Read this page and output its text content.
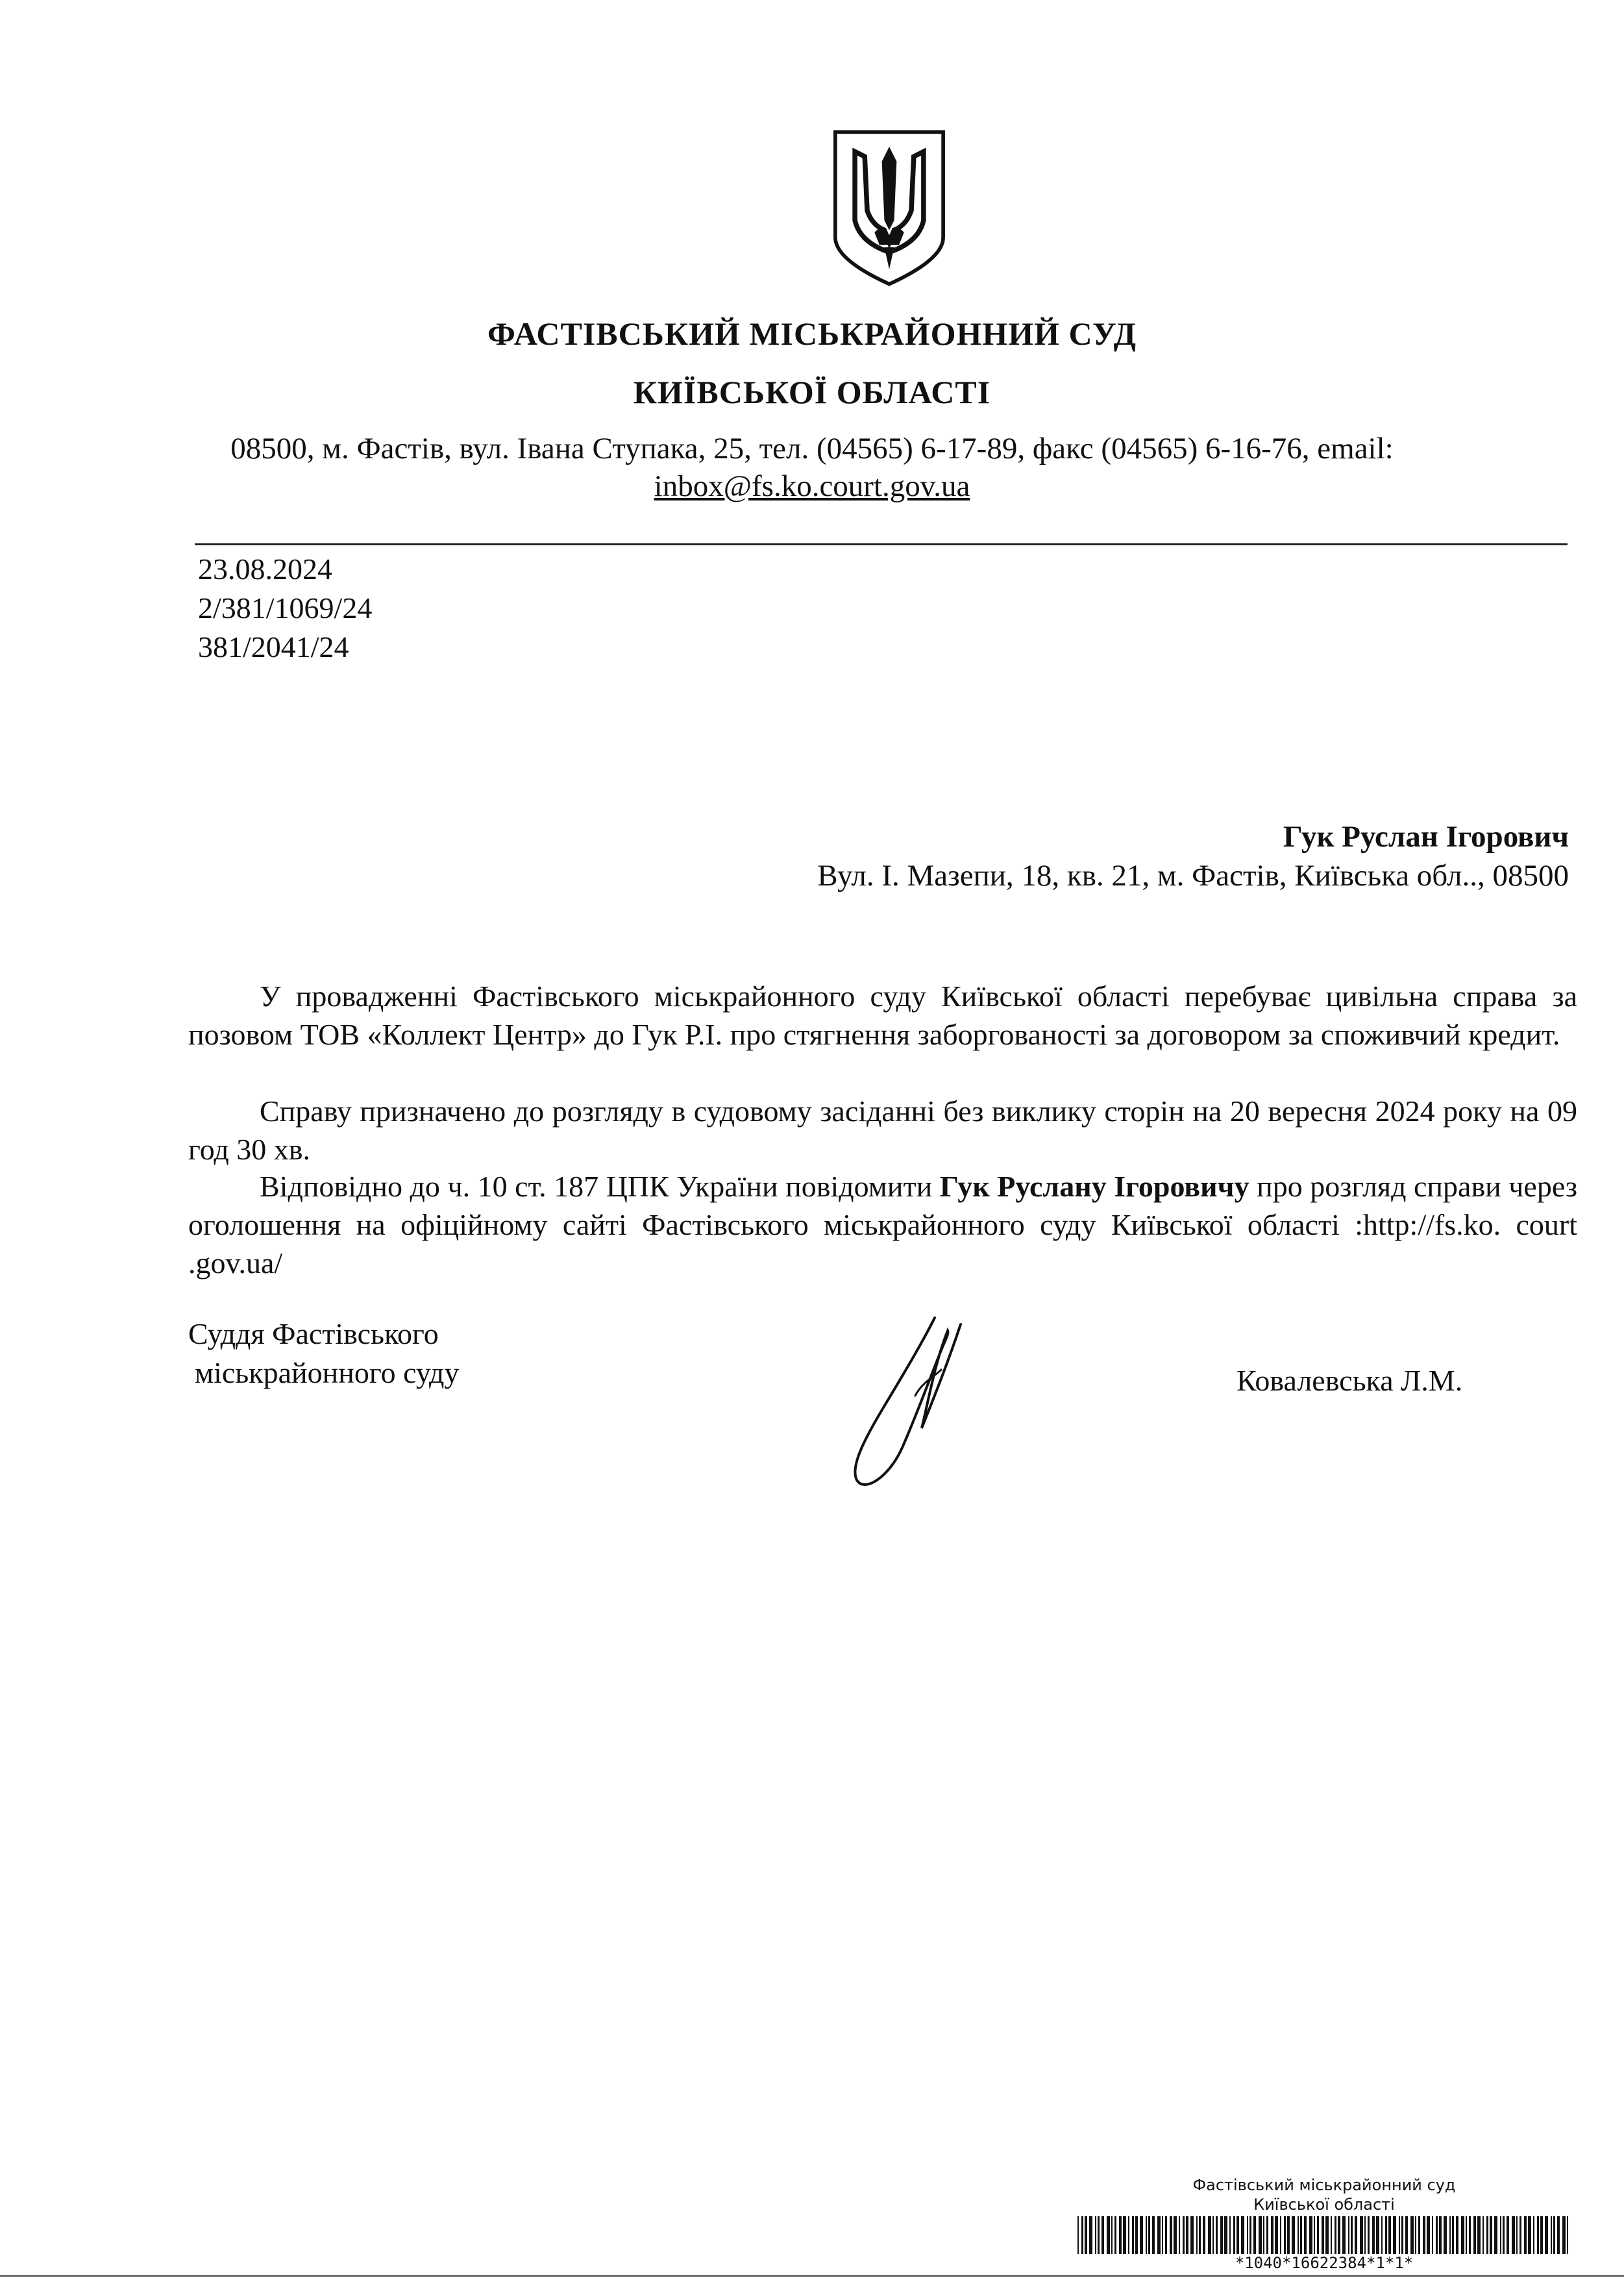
ФАСТІВСЬКИЙ МІСЬКРАЙОННИЙ СУД
КИЇВСЬКОЇ ОБЛАСТІ
08500, м. Фастів, вул. Івана Ступака, 25, тел. (04565) 6-17-89, факс (04565) 6-16-76, email:
inbox@fs.ko.court.gov.ua
23.08.2024
2/381/1069/24
381/2041/24
Гук Руслан Ігорович
Вул. І. Мазепи, 18, кв. 21, м. Фастів, Київська обл.., 08500
У провадженні Фастівського міськрайонного суду Київської області перебуває цивільна справа за позовом ТОВ «Коллект Центр» до Гук Р.І. про стягнення заборгованості за договором за споживчий кредит.
Справу призначено до розгляду в судовому засіданні без виклику сторін на 20 вересня 2024 року на 09 год 30 хв.
Відповідно до ч. 10 ст. 187 ЦПК України повідомити Гук Руслану Ігоровичу про розгляд справи через оголошення на офіційному сайті Фастівського міськрайонного суду Київської області :http://fs.ko. court .gov.ua/
Суддя Фастівського
міськрайонного суду	Ковалевська Л.М.
Фастівський міськрайонний суд
Київської області
*1040*16622384*1*1*
